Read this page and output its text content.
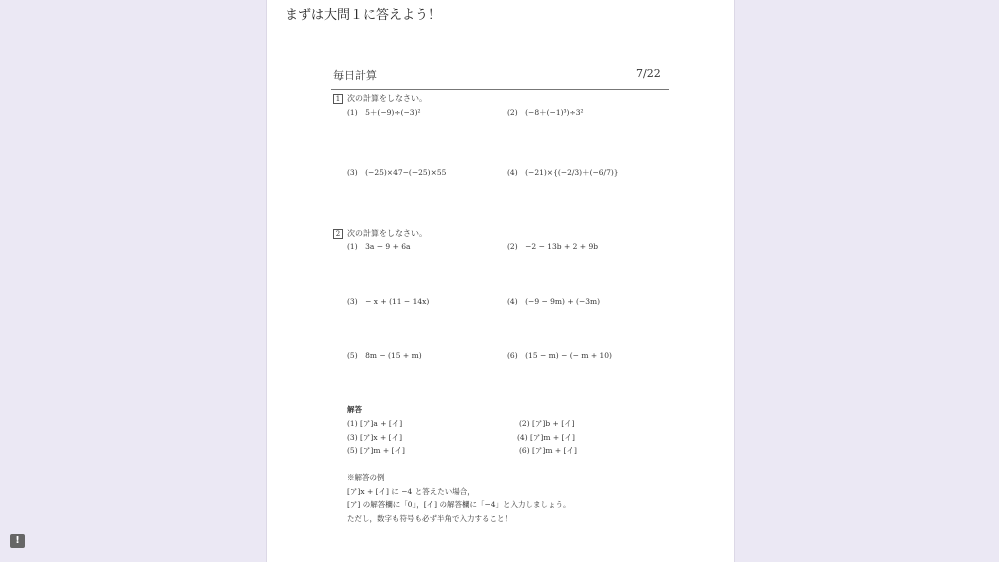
まずは大問１に答えよう！
毎日計算	7/22
1 次の計算をしなさい。
(1)　5＋(−9)÷(−3)²	(2)　(−8＋(−1)³)÷3²
(3)　(−25)×47−(−25)×55	(4)　(−21)×{(−2/3)＋(−6/7)}
2 次の計算をしなさい。
(1)　3a − 9 + 6a	(2)　−2 − 13b + 2 + 9b
(3)　− x + (11 − 14x)	(4)　(−9 − 9m) + (−3m)
(5)　8m − (15 + m)	(6)　(15 − m) − (− m + 10)
解答
(1) [ア]a + [イ]	(2) [ア]b + [イ]
(3) [ア]x + [イ]	(4) [ア]m + [イ]
(5) [ア]m + [イ]	(6) [ア]m + [イ]
※解答の例
[ア]x + [イ] に −4 と答えたい場合，
[ア] の解答欄に「0」，[イ] の解答欄に「−4」と入力しましょう。
ただし，数字も符号も必ず半角で入力すること！
!
